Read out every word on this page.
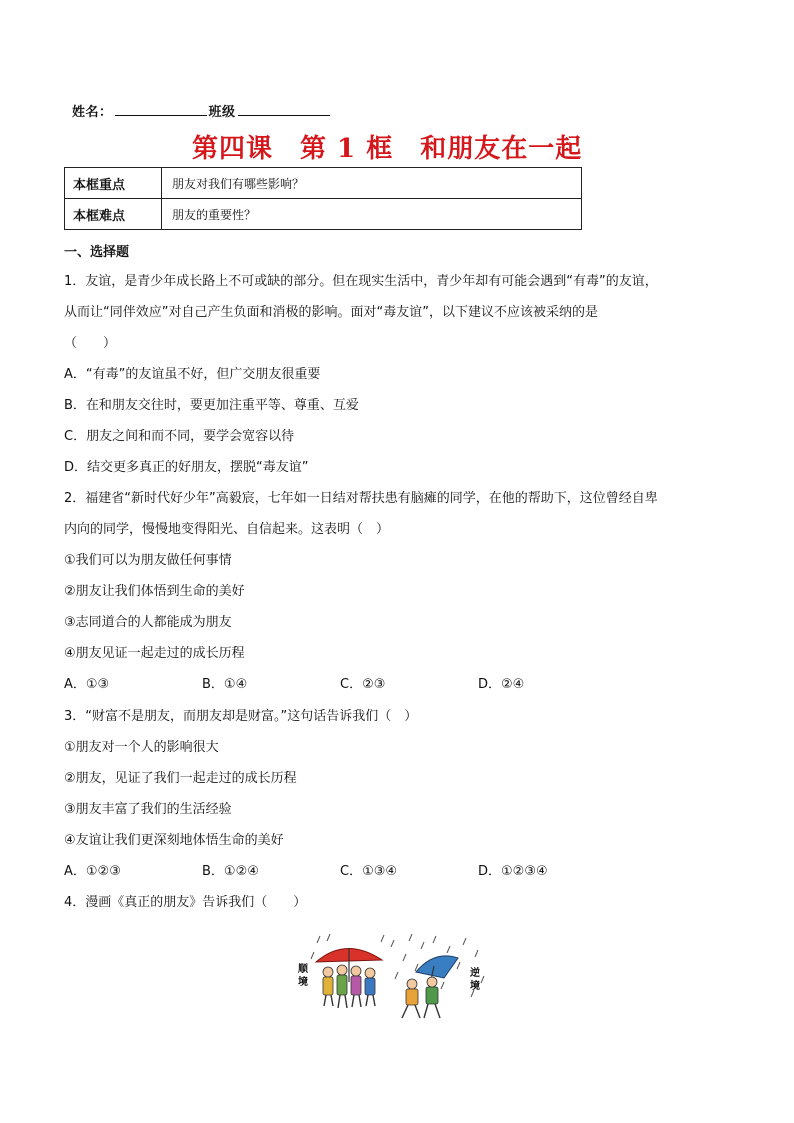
姓名：	班级
第四课　第 1 框　和朋友在一起
本框重点	朋友对我们有哪些影响？
本框难点	朋友的重要性？
一、选择题

1．友谊，是青少年成长路上不可或缺的部分。但在现实生活中，青少年却有可能会遇到“有毒”的友谊，

从而让“同伴效应”对自己产生负面和消极的影响。面对“毒友谊”，以下建议不应该被采纳的是

（　　）

A．“有毒”的友谊虽不好，但广交朋友很重要

B．在和朋友交往时，要更加注重平等、尊重、互爱

C．朋友之间和而不同，要学会宽容以待

D．结交更多真正的好朋友，摆脱“毒友谊”

2．福建省“新时代好少年”高毅宸，七年如一日结对帮扶患有脑瘫的同学，在他的帮助下，这位曾经自卑

内向的同学，慢慢地变得阳光、自信起来。这表明（　）

①我们可以为朋友做任何事情

②朋友让我们体悟到生命的美好

③志同道合的人都能成为朋友

④朋友见证一起走过的成长历程

A．①③	B．①④	C．②③	D．②④

3．“财富不是朋友，而朋友却是财富。”这句话告诉我们（　）

①朋友对一个人的影响很大

②朋友，见证了我们一起走过的成长历程

③朋友丰富了我们的生活经验

④友谊让我们更深刻地体悟生命的美好

A．①②③	B．①②④	C．①③④	D．①②③④

4．漫画《真正的朋友》告诉我们（　　）

顺
境
逆
境
